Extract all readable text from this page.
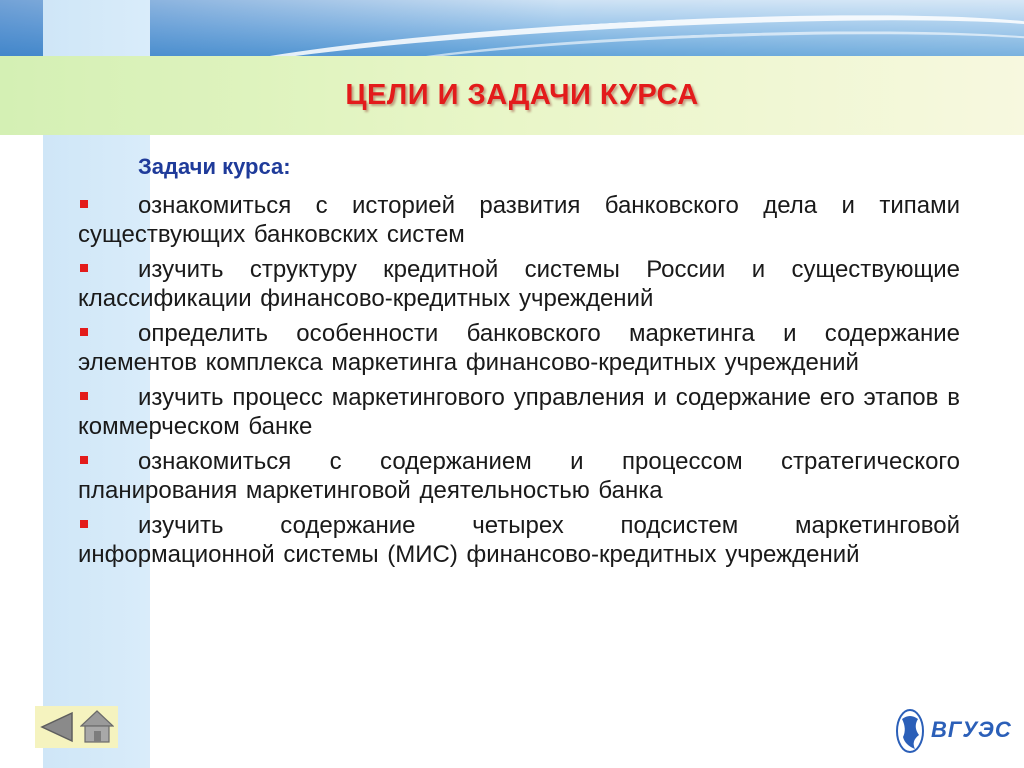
ЦЕЛИ И ЗАДАЧИ КУРСА
Задачи курса:
ознакомиться с историей развития банковского дела и типами существующих банковских систем
изучить структуру кредитной системы России и существующие классификации финансово-кредитных учреждений
определить особенности банковского маркетинга и содержание элементов комплекса маркетинга финансово-кредитных учреждений
изучить процесс маркетингового управления и содержание его этапов в коммерческом банке
ознакомиться с содержанием и процессом стратегического планирования маркетинговой деятельностью банка
изучить содержание четырех подсистем маркетинговой информационной системы (МИС) финансово-кредитных учреждений
ВГУЭС
